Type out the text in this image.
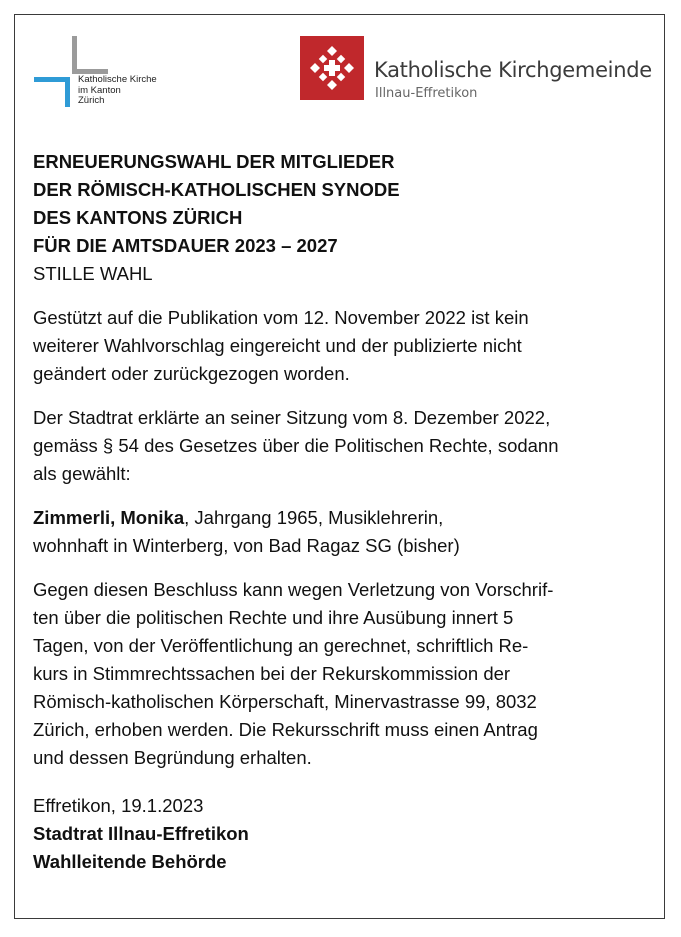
Katholische Kirche
im Kanton
Zürich
Katholische Kirchgemeinde
Illnau-Effretikon
ERNEUERUNGSWAHL DER MITGLIEDER
DER RÖMISCH-KATHOLISCHEN SYNODE
DES KANTONS ZÜRICH
FÜR DIE AMTSDAUER 2023 – 2027
STILLE WAHL
Gestützt auf die Publikation vom 12. November 2022 ist kein
weiterer Wahlvorschlag eingereicht und der publizierte nicht
geändert oder zurückgezogen worden.
Der Stadtrat erklärte an seiner Sitzung vom 8. Dezember 2022,
gemäss § 54 des Gesetzes über die Politischen Rechte, sodann
als gewählt:
Zimmerli, Monika, Jahrgang 1965, Musiklehrerin,
wohnhaft in Winterberg, von Bad Ragaz SG (bisher)
Gegen diesen Beschluss kann wegen Verletzung von Vorschrif-
ten über die politischen Rechte und ihre Ausübung innert 5
Tagen, von der Veröffentlichung an gerechnet, schriftlich Re-
kurs in Stimmrechtssachen bei der Rekurskommission der
Römisch-katholischen Körperschaft, Minervastrasse 99, 8032
Zürich, erhoben werden. Die Rekursschrift muss einen Antrag
und dessen Begründung erhalten.
Effretikon, 19.1.2023
Stadtrat Illnau-Effretikon
Wahlleitende Behörde
